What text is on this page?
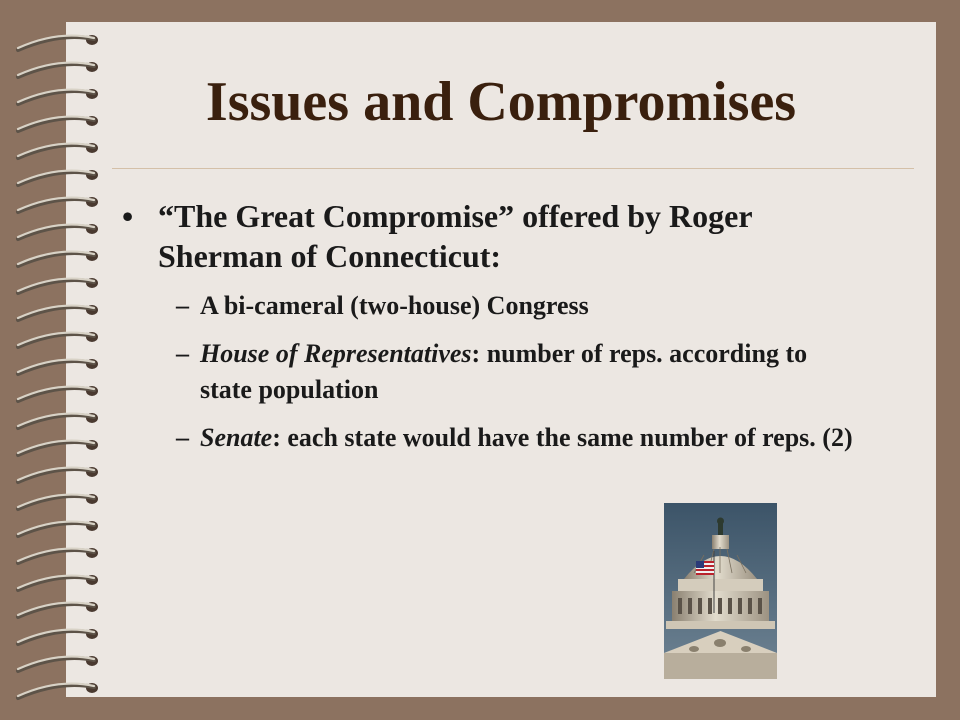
Issues and Compromises
• “The Great Compromise” offered by Roger Sherman of Connecticut:
– A bi-cameral (two-house) Congress
– House of Representatives: number of reps. according to state population
– Senate: each state would have the same number of reps. (2)
